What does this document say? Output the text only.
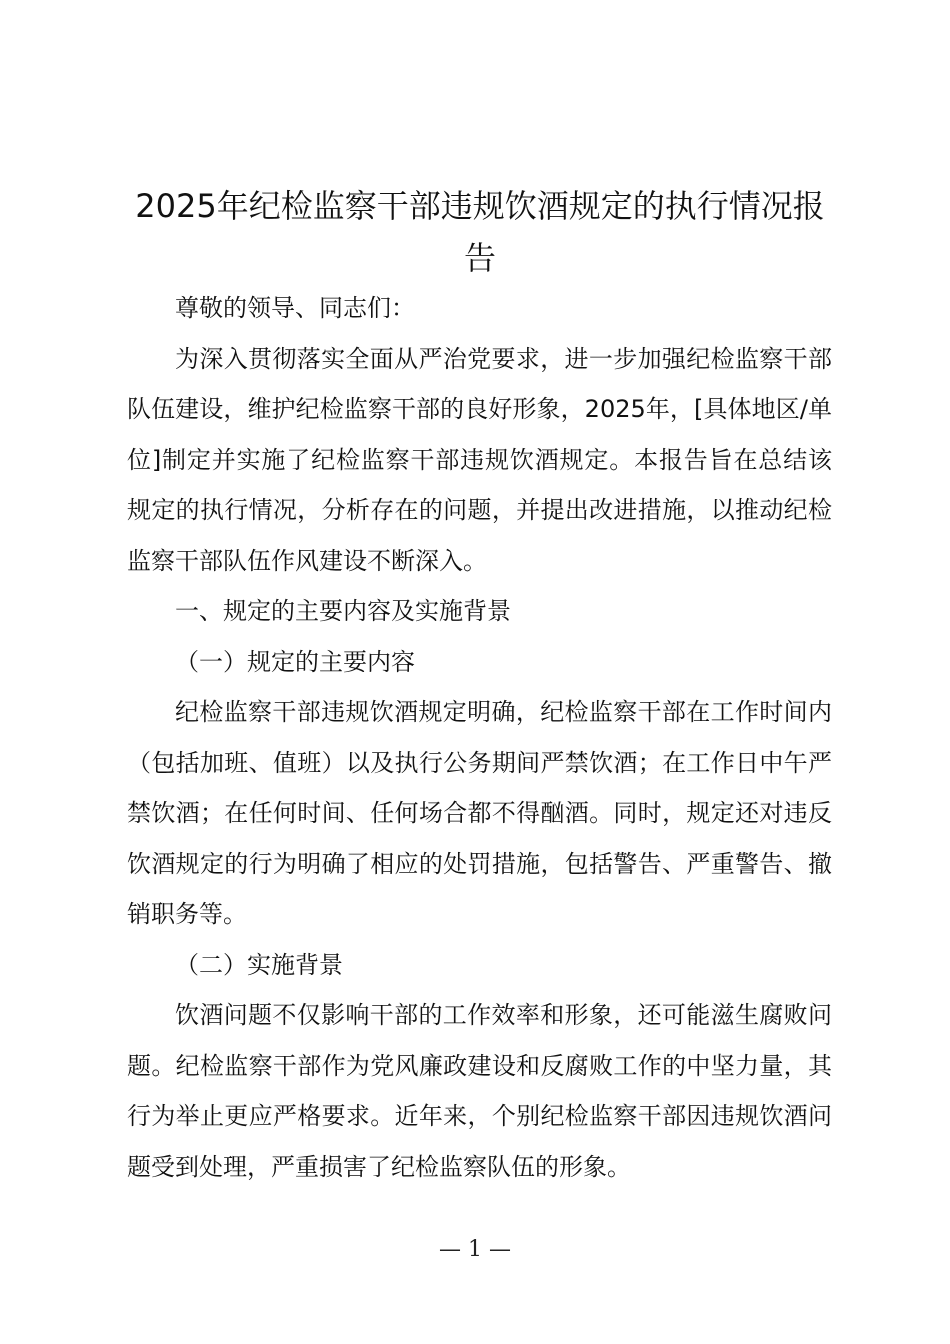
2025年纪检监察干部违规饮酒规定的执行情况报告

尊敬的领导、同志们：

为深入贯彻落实全面从严治党要求，进一步加强纪检监察干部队伍建设，维护纪检监察干部的良好形象，2025年，[具体地区/单位]制定并实施了纪检监察干部违规饮酒规定。本报告旨在总结该规定的执行情况，分析存在的问题，并提出改进措施，以推动纪检监察干部队伍作风建设不断深入。

一、规定的主要内容及实施背景

（一）规定的主要内容

纪检监察干部违规饮酒规定明确，纪检监察干部在工作时间内（包括加班、值班）以及执行公务期间严禁饮酒；在工作日中午严禁饮酒；在任何时间、任何场合都不得酗酒。同时，规定还对违反饮酒规定的行为明确了相应的处罚措施，包括警告、严重警告、撤销职务等。

（二）实施背景

饮酒问题不仅影响干部的工作效率和形象，还可能滋生腐败问题。纪检监察干部作为党风廉政建设和反腐败工作的中坚力量，其行为举止更应严格要求。近年来，个别纪检监察干部因违规饮酒问题受到处理，严重损害了纪检监察队伍的形象。

— 1 —
